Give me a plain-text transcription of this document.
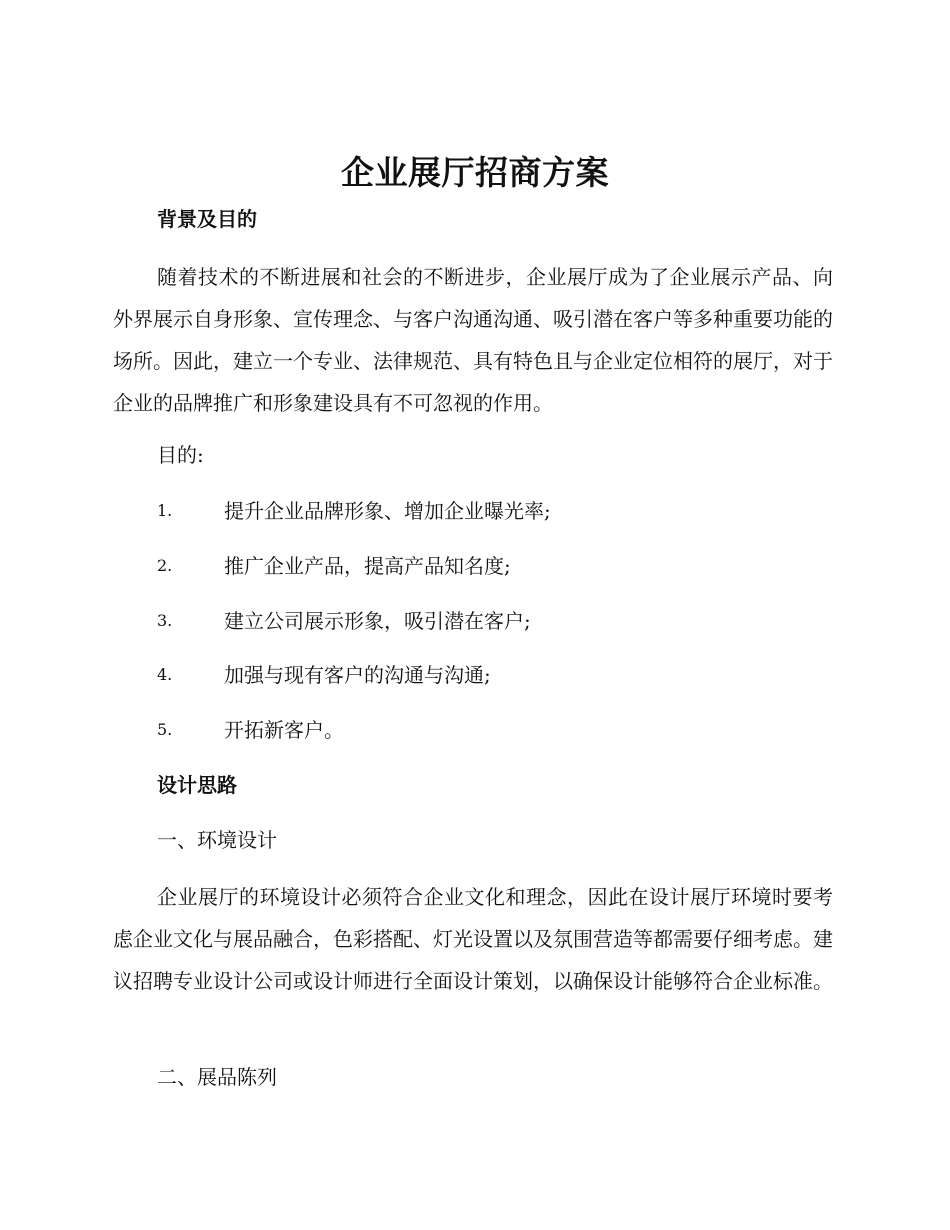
企业展厅招商方案
背景及目的

随着技术的不断进展和社会的不断进步，企业展厅成为了企业展示产品、向外界展示自身形象、宣传理念、与客户沟通沟通、吸引潜在客户等多种重要功能的场所。因此，建立一个专业、法律规范、具有特色且与企业定位相符的展厅，对于企业的品牌推广和形象建设具有不可忽视的作用。

目的:

1.	提升企业品牌形象、增加企业曝光率;
2.	推广企业产品，提高产品知名度;
3.	建立公司展示形象，吸引潜在客户;
4.	加强与现有客户的沟通与沟通;
5.	开拓新客户。
设计思路

一、环境设计

企业展厅的环境设计必须符合企业文化和理念，因此在设计展厅环境时要考虑企业文化与展品融合，色彩搭配、灯光设置以及氛围营造等都需要仔细考虑。建议招聘专业设计公司或设计师进行全面设计策划，以确保设计能够符合企业标准。

二、展品陈列
